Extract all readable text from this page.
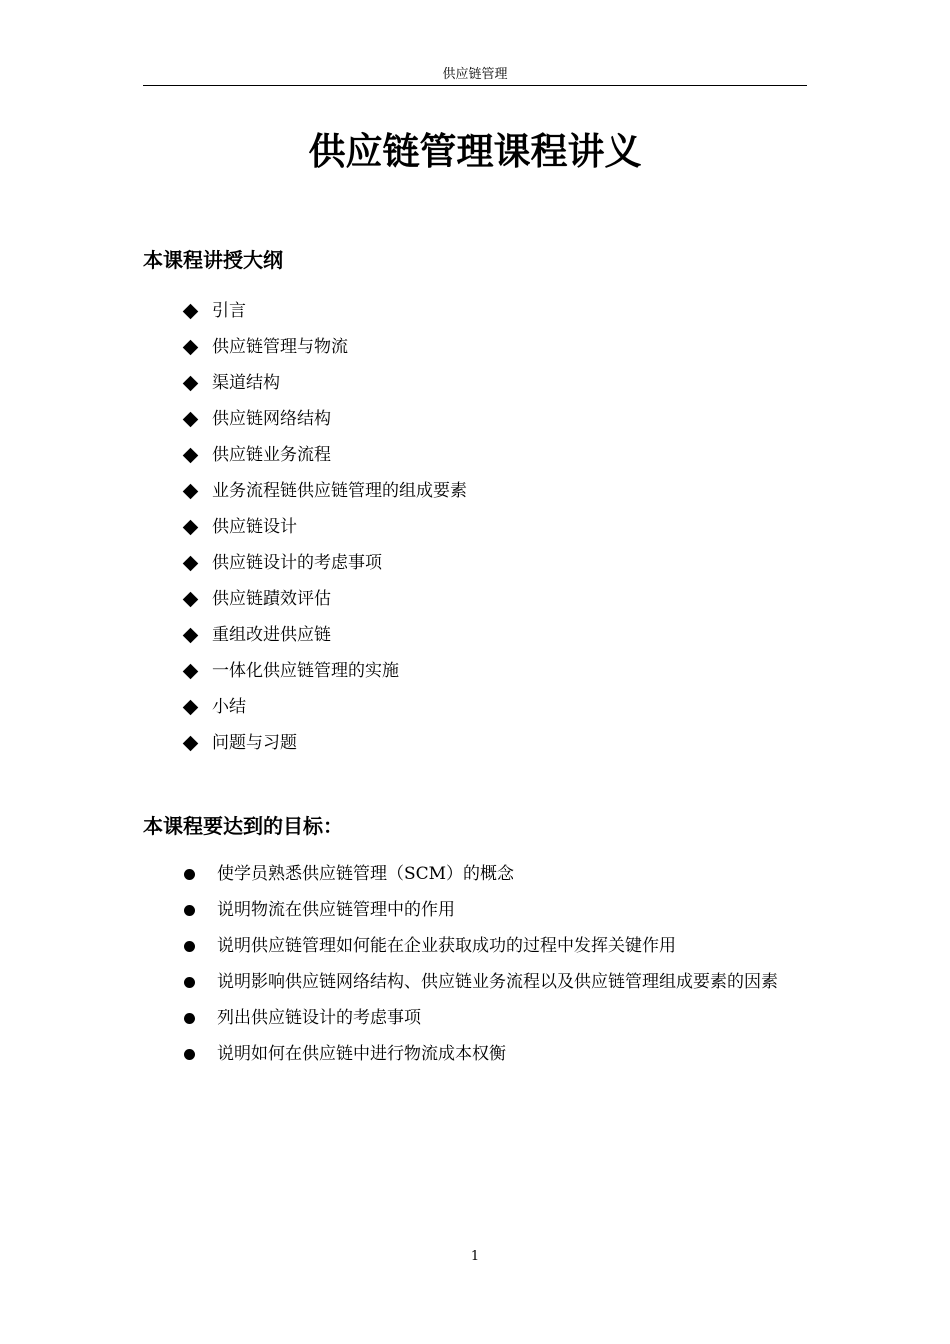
供应链管理
供应链管理课程讲义
本课程讲授大纲
引言
供应链管理与物流
渠道结构
供应链网络结构
供应链业务流程
业务流程链供应链管理的组成要素
供应链设计
供应链设计的考虑事项
供应链蹟效评估
重组改进供应链
一体化供应链管理的实施
小结
问题与习题
本课程要达到的目标：
使学员熟悉供应链管理（SCM）的概念
说明物流在供应链管理中的作用
说明供应链管理如何能在企业获取成功的过程中发挥关键作用
说明影响供应链网络结构、供应链业务流程以及供应链管理组成要素的因素
列出供应链设计的考虑事项
说明如何在供应链中进行物流成本权衡
1
